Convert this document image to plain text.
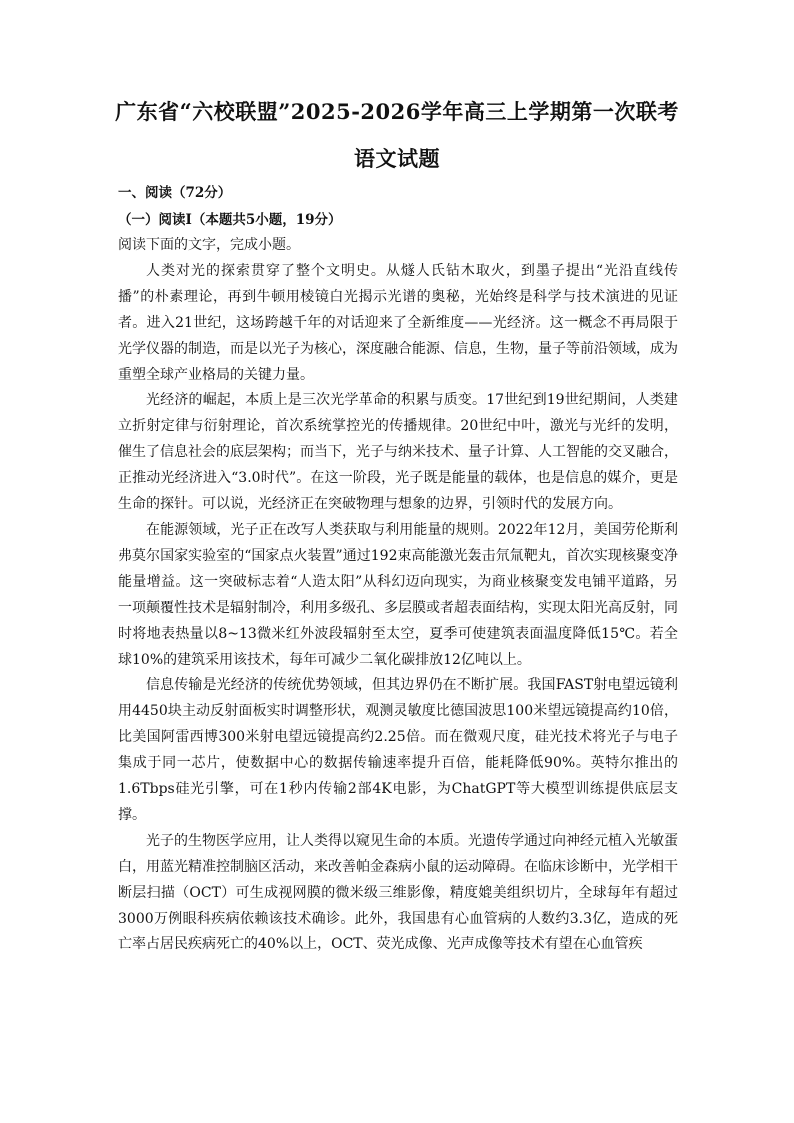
广东省“六校联盟”2025-2026学年高三上学期第一次联考
语文试题
一、阅读（72分）
（一）阅读I（本题共5小题，19分）

阅读下面的文字，完成小题。

人类对光的探索贯穿了整个文明史。从燧人氏钻木取火，到墨子提出“光沿直线传播”的朴素理论，再到牛顿用棱镜白光揭示光谱的奥秘，光始终是科学与技术演进的见证者。进入21世纪，这场跨越千年的对话迎来了全新维度——光经济。这一概念不再局限于光学仪器的制造，而是以光子为核心，深度融合能源、信息，生物，量子等前沿领域，成为重塑全球产业格局的关键力量。

光经济的崛起，本质上是三次光学革命的积累与质变。17世纪到19世纪期间，人类建立折射定律与衍射理论，首次系统掌控光的传播规律。20世纪中叶，激光与光纤的发明，催生了信息社会的底层架构；而当下，光子与纳米技术、量子计算、人工智能的交叉融合，正推动光经济进入“3.0时代”。在这一阶段，光子既是能量的载体，也是信息的媒介，更是生命的探针。可以说，光经济正在突破物理与想象的边界，引领时代的发展方向。

在能源领域，光子正在改写人类获取与利用能量的规则。2022年12月，美国劳伦斯利弗莫尔国家实验室的“国家点火装置”通过192束高能激光轰击氘氚靶丸，首次实现核聚变净能量增益。这一突破标志着“人造太阳”从科幻迈向现实，为商业核聚变发电铺平道路，另一项颠覆性技术是辐射制冷，利用多级孔、多层膜或者超表面结构，实现太阳光高反射，同时将地表热量以8~13微米红外波段辐射至太空，夏季可使建筑表面温度降低15℃。若全球10%的建筑采用该技术，每年可减少二氧化碳排放12亿吨以上。

信息传输是光经济的传统优势领域，但其边界仍在不断扩展。我国FAST射电望远镜利用4450块主动反射面板实时调整形状，观测灵敏度比德国波思100米望远镜提高约10倍，比美国阿雷西博300米射电望远镜提高约2.25倍。而在微观尺度，硅光技术将光子与电子集成于同一芯片，使数据中心的数据传输速率提升百倍，能耗降低90%。英特尔推出的1.6Tbps硅光引擎，可在1秒内传输2部4K电影，为ChatGPT等大模型训练提供底层支撑。

光子的生物医学应用，让人类得以窥见生命的本质。光遗传学通过向神经元植入光敏蛋白，用蓝光精准控制脑区活动，来改善帕金森病小鼠的运动障碍。在临床诊断中，光学相干断层扫描（OCT）可生成视网膜的微米级三维影像，精度媲美组织切片，全球每年有超过3000万例眼科疾病依赖该技术确诊。此外，我国患有心血管病的人数约3.3亿，造成的死亡率占居民疾病死亡的40%以上，OCT、荧光成像、光声成像等技术有望在心血管疾
